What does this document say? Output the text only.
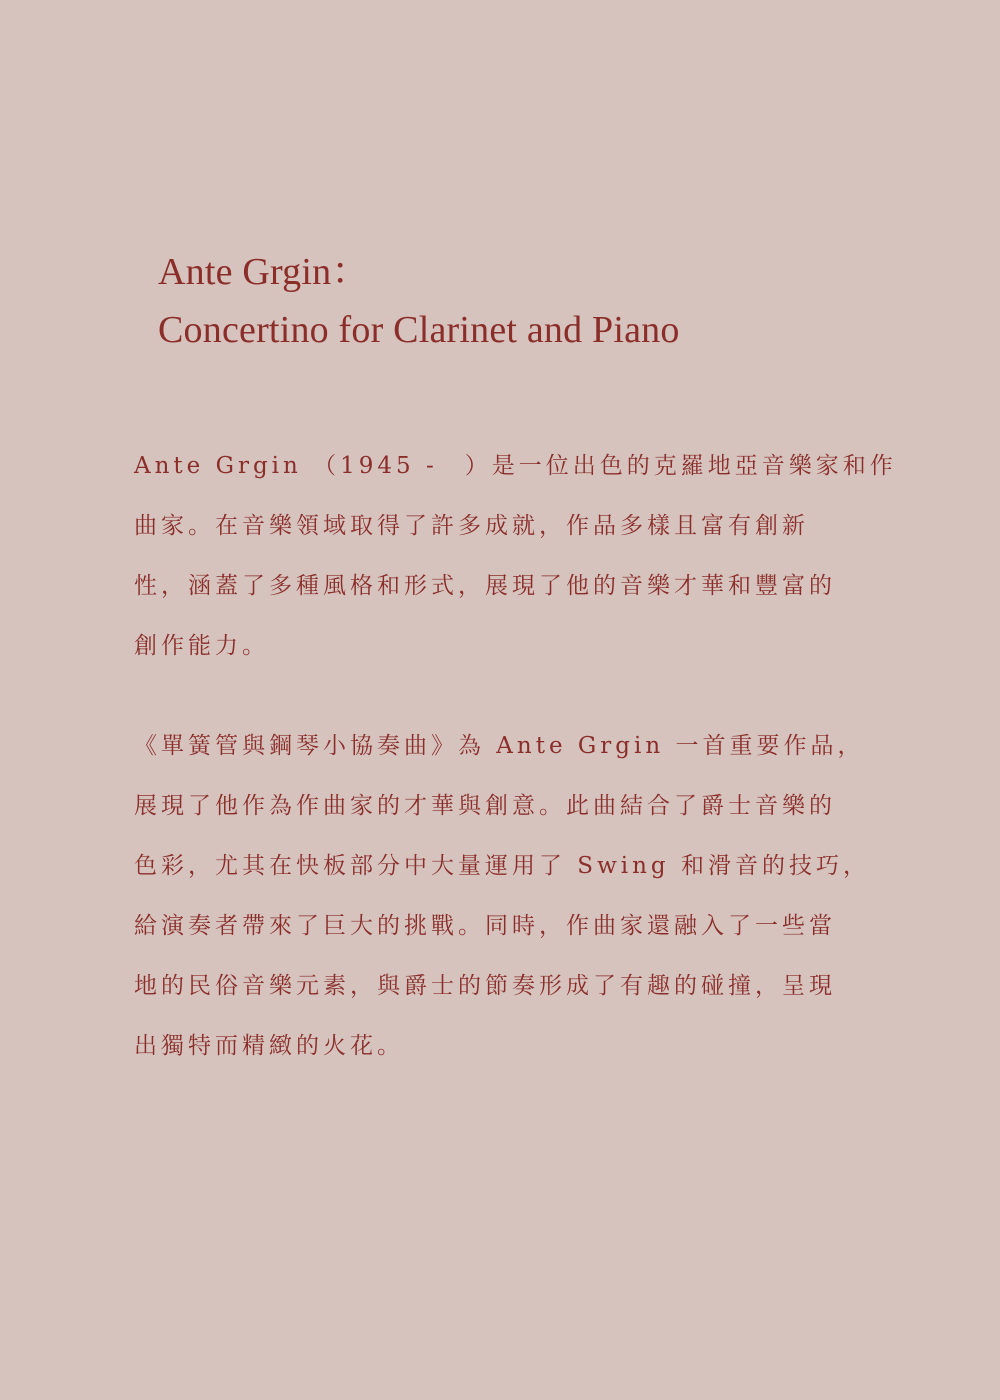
Ante Grgin：
Concertino for Clarinet and Piano

Ante Grgin （1945 -　）是一位出色的克羅地亞音樂家和作
曲家。在音樂領域取得了許多成就，作品多樣且富有創新
性，涵蓋了多種風格和形式，展現了他的音樂才華和豐富的
創作能力。

《單簧管與鋼琴小協奏曲》為 Ante Grgin 一首重要作品，
展現了他作為作曲家的才華與創意。此曲結合了爵士音樂的
色彩，尤其在快板部分中大量運用了 Swing 和滑音的技巧，
給演奏者帶來了巨大的挑戰。同時，作曲家還融入了一些當
地的民俗音樂元素，與爵士的節奏形成了有趣的碰撞，呈現
出獨特而精緻的火花。
